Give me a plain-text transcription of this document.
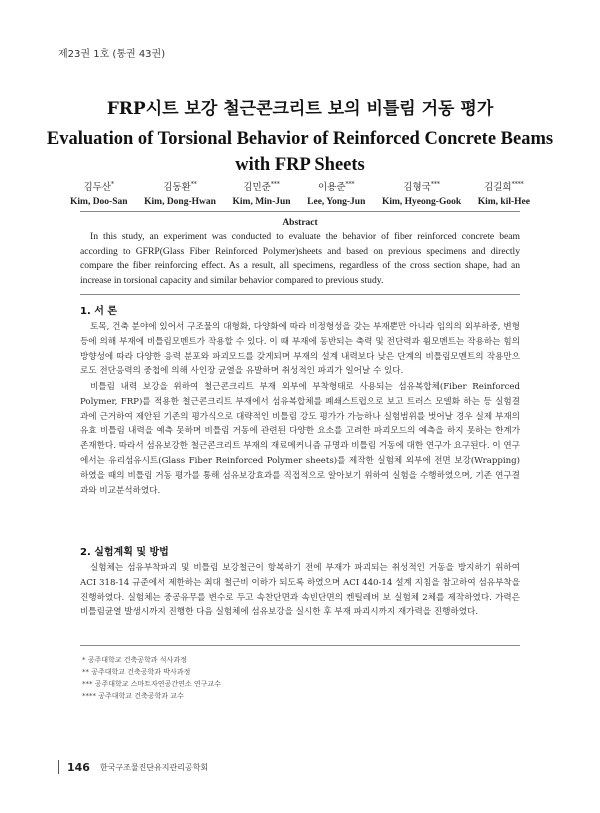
제23권 1호 (통권 43권)
FRP시트 보강 철근콘크리트 보의 비틀림 거동 평가
Evaluation of Torsional Behavior of Reinforced Concrete Beams with FRP Sheets
김두산*
Kim, Doo-San
김동환**
Kim, Dong-Hwan
김민준***
Kim, Min-Jun
이용준***
Lee, Yong-Jun
김형국***
Kim, Hyeong-Gook
김길희****
Kim, kil-Hee
Abstract

In this study, an experiment was conducted to evaluate the behavior of fiber reinforced concrete beam according to GFRP(Glass Fiber Reinforced Polymer)sheets and based on previous specimens and directly compare the fiber reinforcing effect. As a result, all specimens, regardless of the cross section shape, had an increase in torsional capacity and similar behavior compared to previous study.

1. 서 론

토목, 건축 분야에 있어서 구조물의 대형화, 다양화에 따라 비정형성을 갖는 부재뿐만 아니라 임의의 외부하중, 변형 등에 의해 부재에 비틀림모멘트가 작용할 수 있다. 이 때 부재에 동반되는 축력 및 전단력과 휨모멘트는 작용하는 힘의 방향성에 따라 다양한 응력 분포와 파괴모드를 갖게되며 부재의 설계 내력보다 낮은 단계의 비틀림모멘트의 작용만으로도 전단응력의 중첩에 의해 사인장 균열을 유발하며 취성적인 파괴가 일어날 수 있다.

비틀림 내력 보강을 위하여 철근콘크리트 부재 외부에 부착형태로 사용되는 섬유복합체(Fiber Reinforced Polymer, FRP)를 적용한 철근콘크리트 부재에서 섬유복합체를 폐쇄스트럽으로 보고 트러스 모델화 하는 등 실험결과에 근거하여 제안된 기존의 평가식으로 대략적인 비틀림 강도 평가가 가능하나 실험범위를 벗어날 경우 실제 부재의 유효 비틀림 내력을 예측 못하며 비틀림 거동에 관련된 다양한 요소를 고려한 파괴모드의 예측을 하지 못하는 한계가 존재한다. 따라서 섬유보강한 철근콘크리트 부재의 재료메커니즘 규명과 비틀림 거동에 대한 연구가 요구된다. 이 연구에서는 유리섬유시트(Glass Fiber Reinforced Polymer sheets)를 제작한 실험체 외부에 전면 보강(Wrapping) 하였을 때의 비틀림 거동 평가를 통해 섬유보강효과를 직접적으로 알아보기 위하여 실험을 수행하였으며, 기존 연구결과와 비교분석하였다.

2. 실험계획 및 방법

실험체는 섬유부착파괴 및 비틀림 보강철근이 항복하기 전에 부재가 파괴되는 취성적인 거동을 방지하기 위하여 ACI 318-14 규준에서 제한하는 최대 철근비 이하가 되도록 하였으며 ACI 440-14 설계 지침을 참고하여 섬유부착을 진행하였다. 실험체는 중공유무를 변수로 두고 속찬단면과 속빈단면의 켄틸레버 보 실험체 2체를 제작하였다. 가력은 비틀림균열 발생시까지 진행한 다음 실험체에 섬유보강을 실시한 후 부재 파괴시까지 재가력을 진행하였다.

* 공주대학교 건축공학과 석사과정
** 공주대학교 건축공학과 박사과정
*** 공주대학교 스마트자연공간연소 연구교수
**** 공주대학교 건축공학과 교수
146 한국구조물진단유지관리공학회
